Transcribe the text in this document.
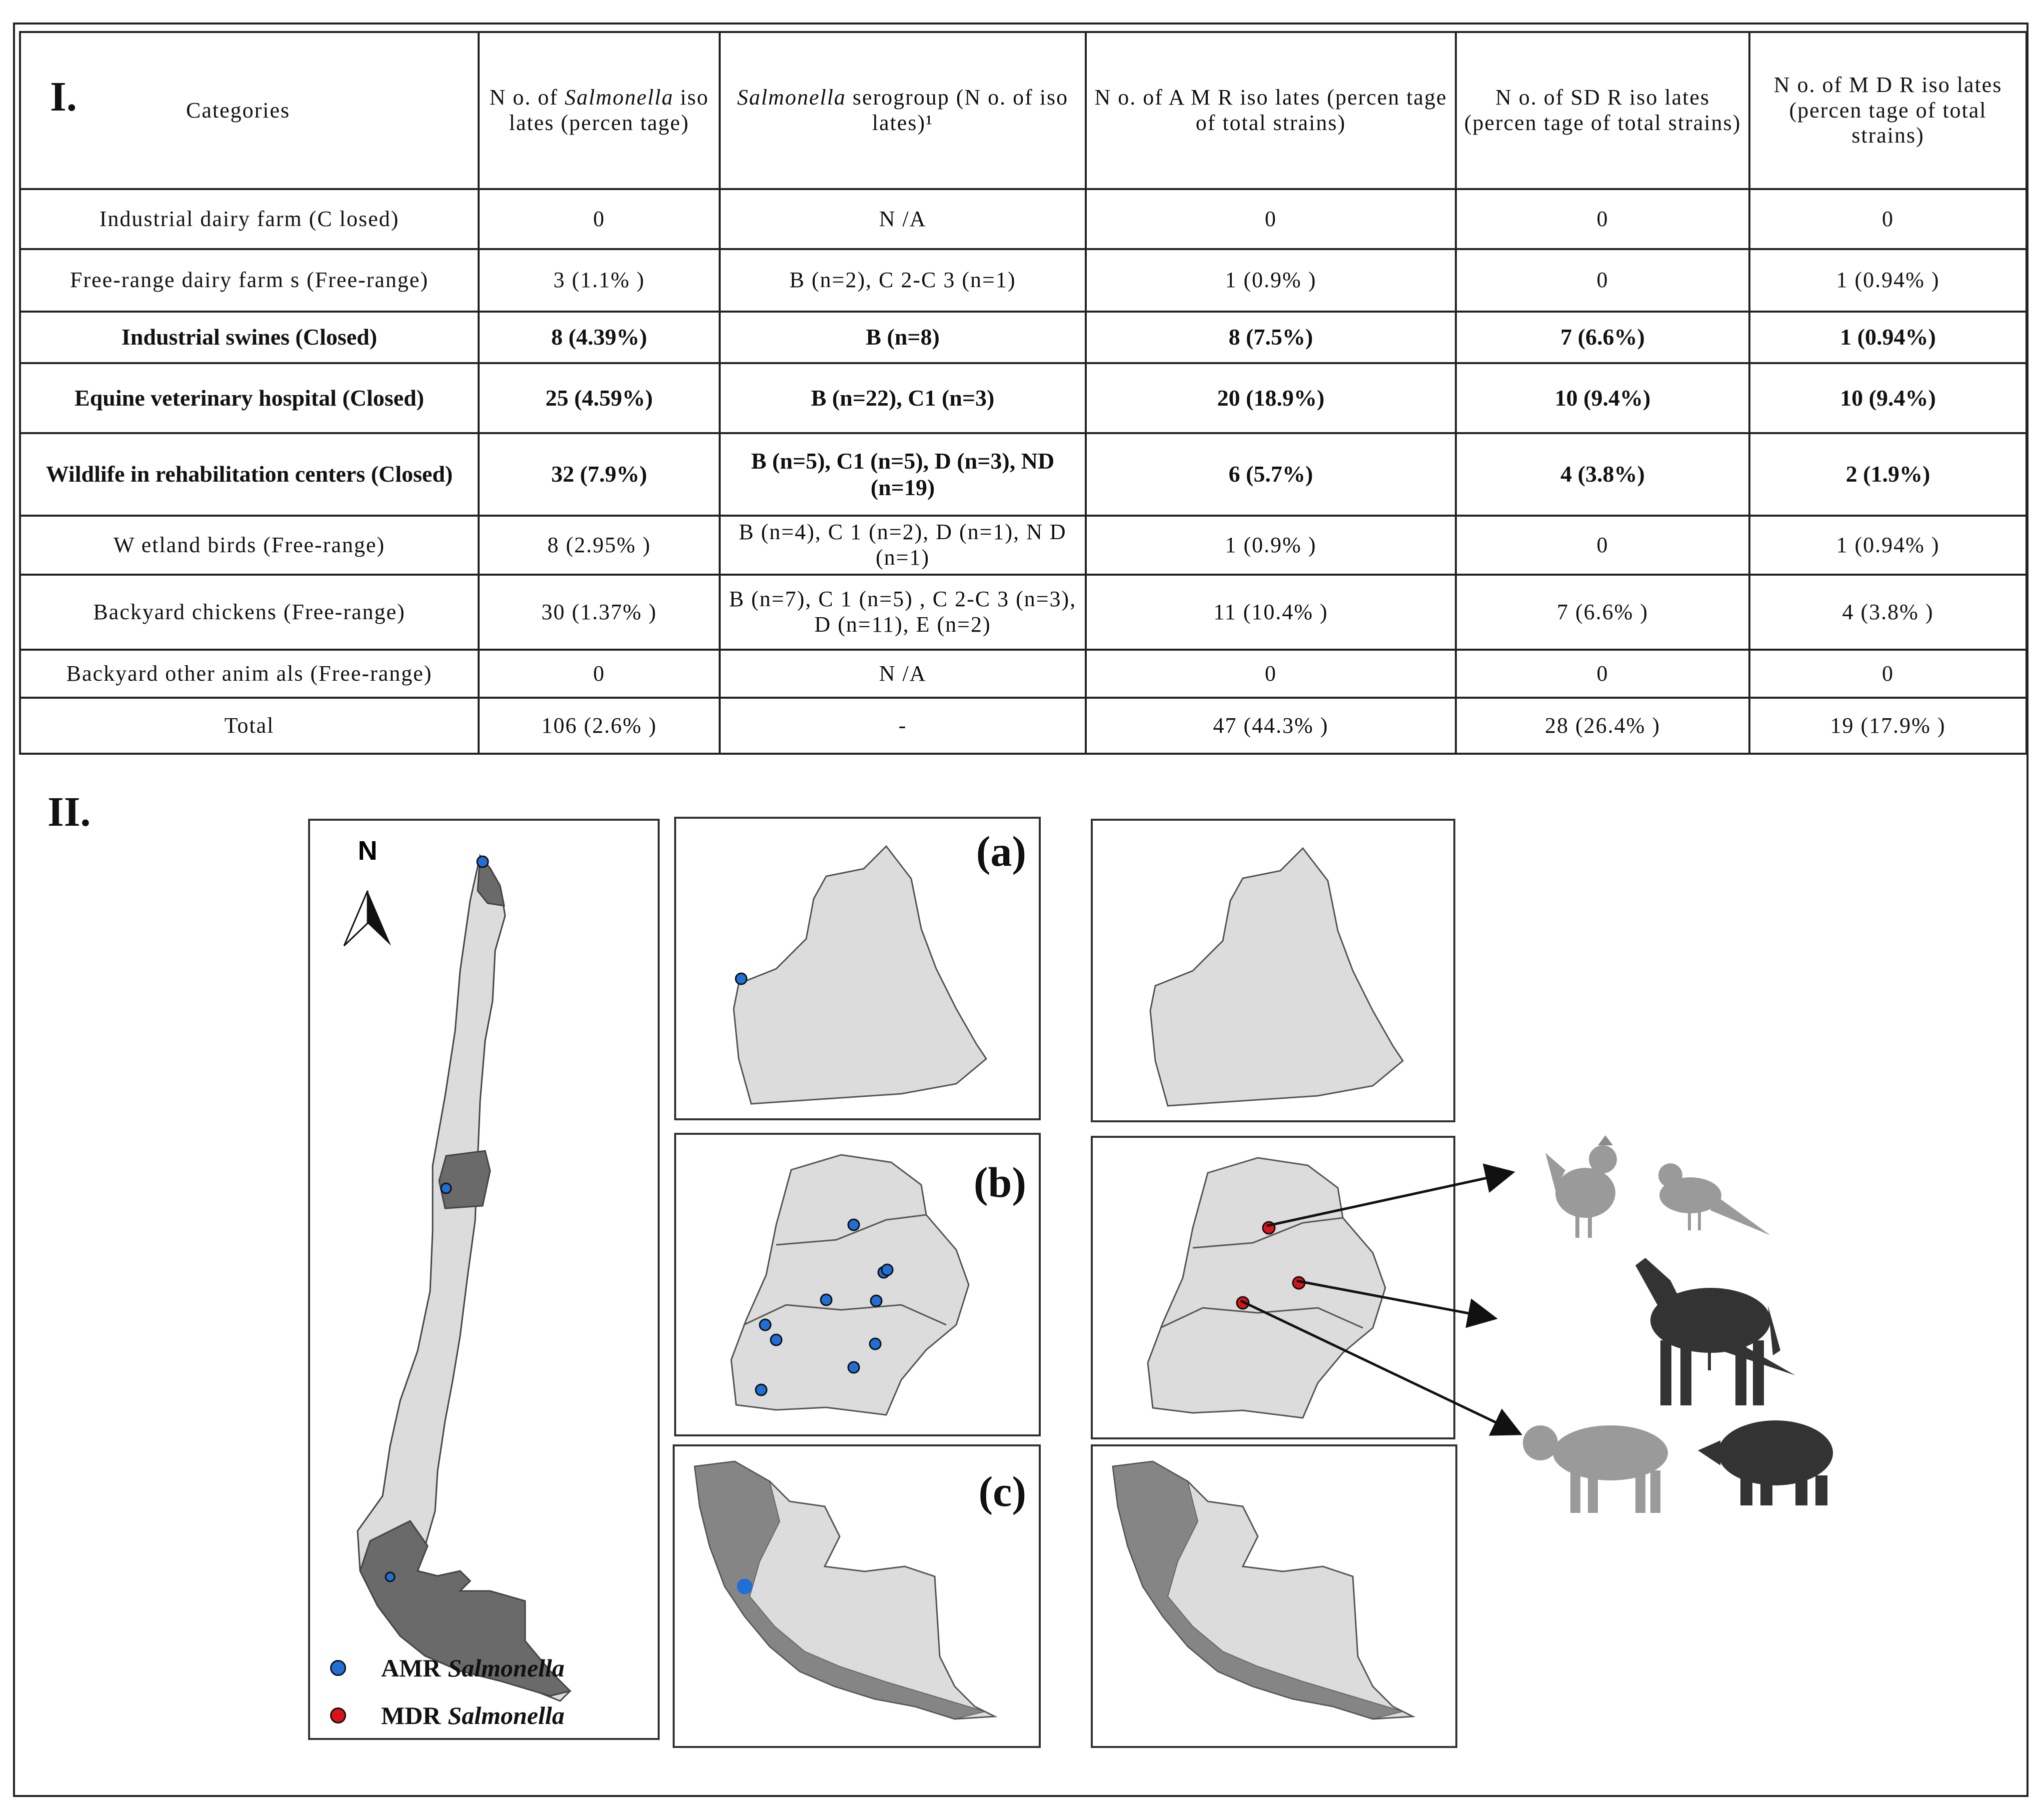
I.	Categories	N o. of Salmonella iso lates (percen tage)	Salmonella serogroup (N o. of iso lates)¹	N o. of A M R iso lates (percen tage of total strains)	N o. of SD R iso lates (percen tage of total strains)	N o. of M D R iso lates (percen tage of total strains)
Industrial dairy farm (C losed)	0	N /A	0	0	0
Free-range dairy farm s (Free-range)	3 (1.1% )	B (n=2), C 2-C 3 (n=1)	1 (0.9% )	0	1 (0.94% )
Industrial swines (Closed)	8 (4.39%)	B (n=8)	8 (7.5%)	7 (6.6%)	1 (0.94%)
Equine veterinary hospital (Closed)	25 (4.59%)	B (n=22), C1 (n=3)	20 (18.9%)	10 (9.4%)	10 (9.4%)
Wildlife in rehabilitation centers (Closed)	32 (7.9%)	B (n=5), C1 (n=5), D (n=3), ND (n=19)	6 (5.7%)	4 (3.8%)	2 (1.9%)
W etland birds (Free-range)	8 (2.95% )	B (n=4), C 1 (n=2), D (n=1), N D (n=1)	1 (0.9% )	0	1 (0.94% )
Backyard chickens (Free-range)	30 (1.37% )	B (n=7), C 1 (n=5) , C 2-C 3 (n=3), D (n=11), E (n=2)	11 (10.4% )	7 (6.6% )	4 (3.8% )
Backyard other anim als (Free-range)	0	N /A	0	0	0
Total	106 (2.6% )	-	47 (44.3% )	28 (26.4% )	19 (17.9% )
II.
N
AMR Salmonella
MDR Salmonella
(a)
(b)
(c)
